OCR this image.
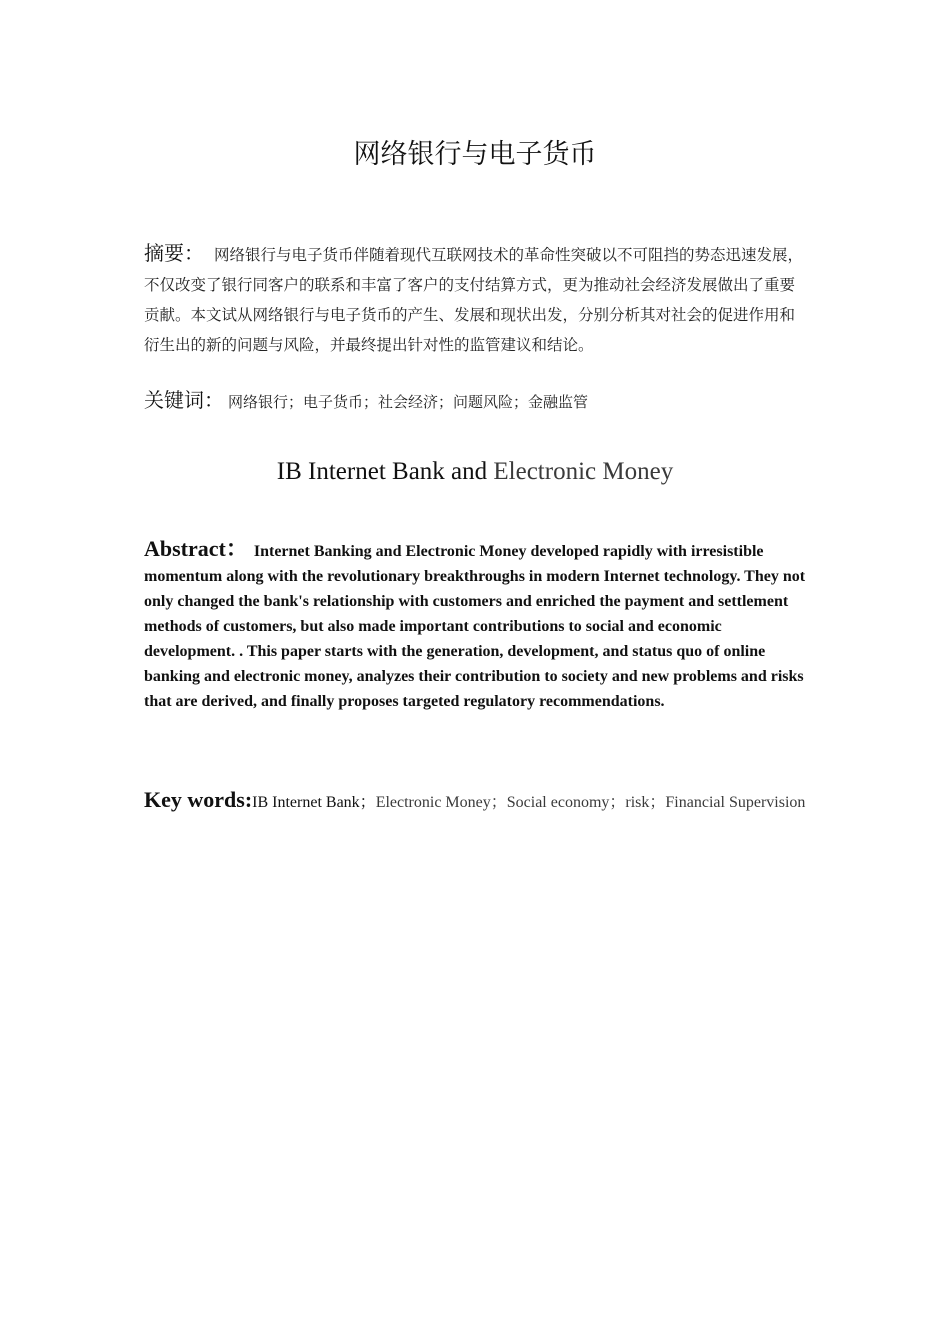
网络银行与电子货币
摘要： 网络银行与电子货币伴随着现代互联网技术的革命性突破以不可阻挡的势态迅速发展，不仅改变了银行同客户的联系和丰富了客户的支付结算方式，更为推动社会经济发展做出了重要贡献。本文试从网络银行与电子货币的产生、发展和现状出发，分别分析其对社会的促进作用和衍生出的新的问题与风险，并最终提出针对性的监管建议和结论。
关键词： 网络银行；电子货币；社会经济；问题风险；金融监管
IB Internet Bank and Electronic Money
Abstract： Internet Banking and Electronic Money developed rapidly with irresistible momentum along with the revolutionary breakthroughs in modern Internet technology. They not only changed the bank's relationship with customers and enriched the payment and settlement methods of customers, but also made important contributions to social and economic development. . This paper starts with the generation, development, and status quo of online banking and electronic money, analyzes their contribution to society and new problems and risks that are derived, and finally proposes targeted regulatory recommendations.
Key words:IB Internet Bank；Electronic Money；Social economy；risk；Financial Supervision
